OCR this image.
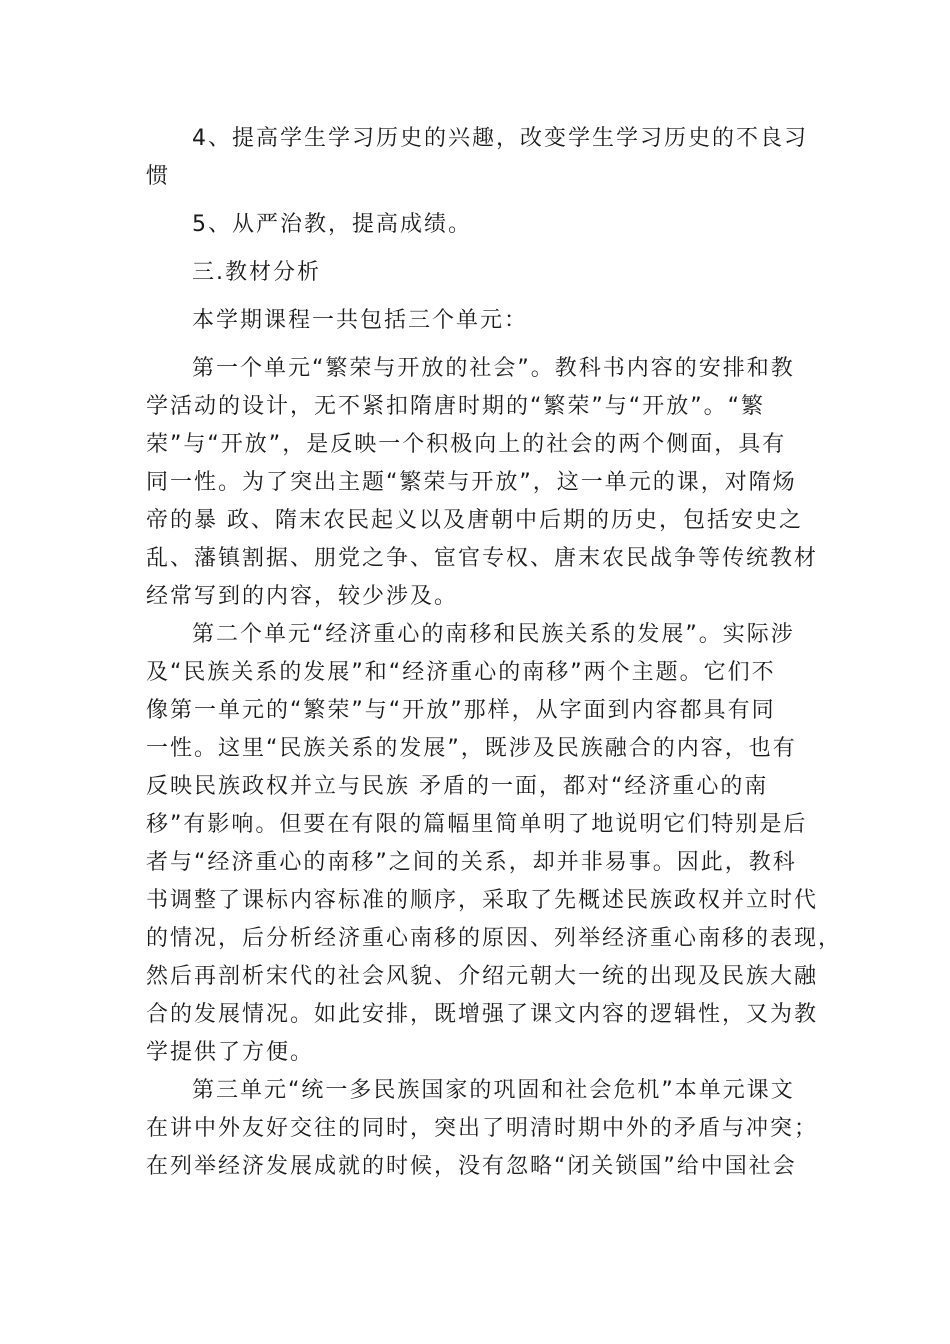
4、提高学生学习历史的兴趣，改变学生学习历史的不良习
惯
5、从严治教，提高成绩。
三.教材分析
本学期课程一共包括三个单元：
第一个单元“繁荣与开放的社会”。教科书内容的安排和教
学活动的设计，无不紧扣隋唐时期的“繁荣”与“开放”。“繁
荣”与“开放”，是反映一个积极向上的社会的两个侧面，具有
同一性。为了突出主题“繁荣与开放”，这一单元的课，对隋炀
帝的暴 政、隋末农民起义以及唐朝中后期的历史，包括安史之
乱、藩镇割据、朋党之争、宦官专权、唐末农民战争等传统教材
经常写到的内容，较少涉及。
第二个单元“经济重心的南移和民族关系的发展”。实际涉
及“民族关系的发展”和“经济重心的南移”两个主题。它们不
像第一单元的“繁荣”与“开放”那样，从字面到内容都具有同
一性。这里“民族关系的发展”，既涉及民族融合的内容，也有
反映民族政权并立与民族 矛盾的一面，都对“经济重心的南
移”有影响。但要在有限的篇幅里简单明了地说明它们特别是后
者与“经济重心的南移”之间的关系，却并非易事。因此，教科
书调整了课标内容标准的顺序，采取了先概述民族政权并立时代
的情况，后分析经济重心南移的原因、列举经济重心南移的表现，
然后再剖析宋代的社会风貌、介绍元朝大一统的出现及民族大融
合的发展情况。如此安排，既增强了课文内容的逻辑性，又为教
学提供了方便。
第三单元“统一多民族国家的巩固和社会危机”本单元课文
在讲中外友好交往的同时，突出了明清时期中外的矛盾与冲突；
在列举经济发展成就的时候，没有忽略“闭关锁国”给中国社会
